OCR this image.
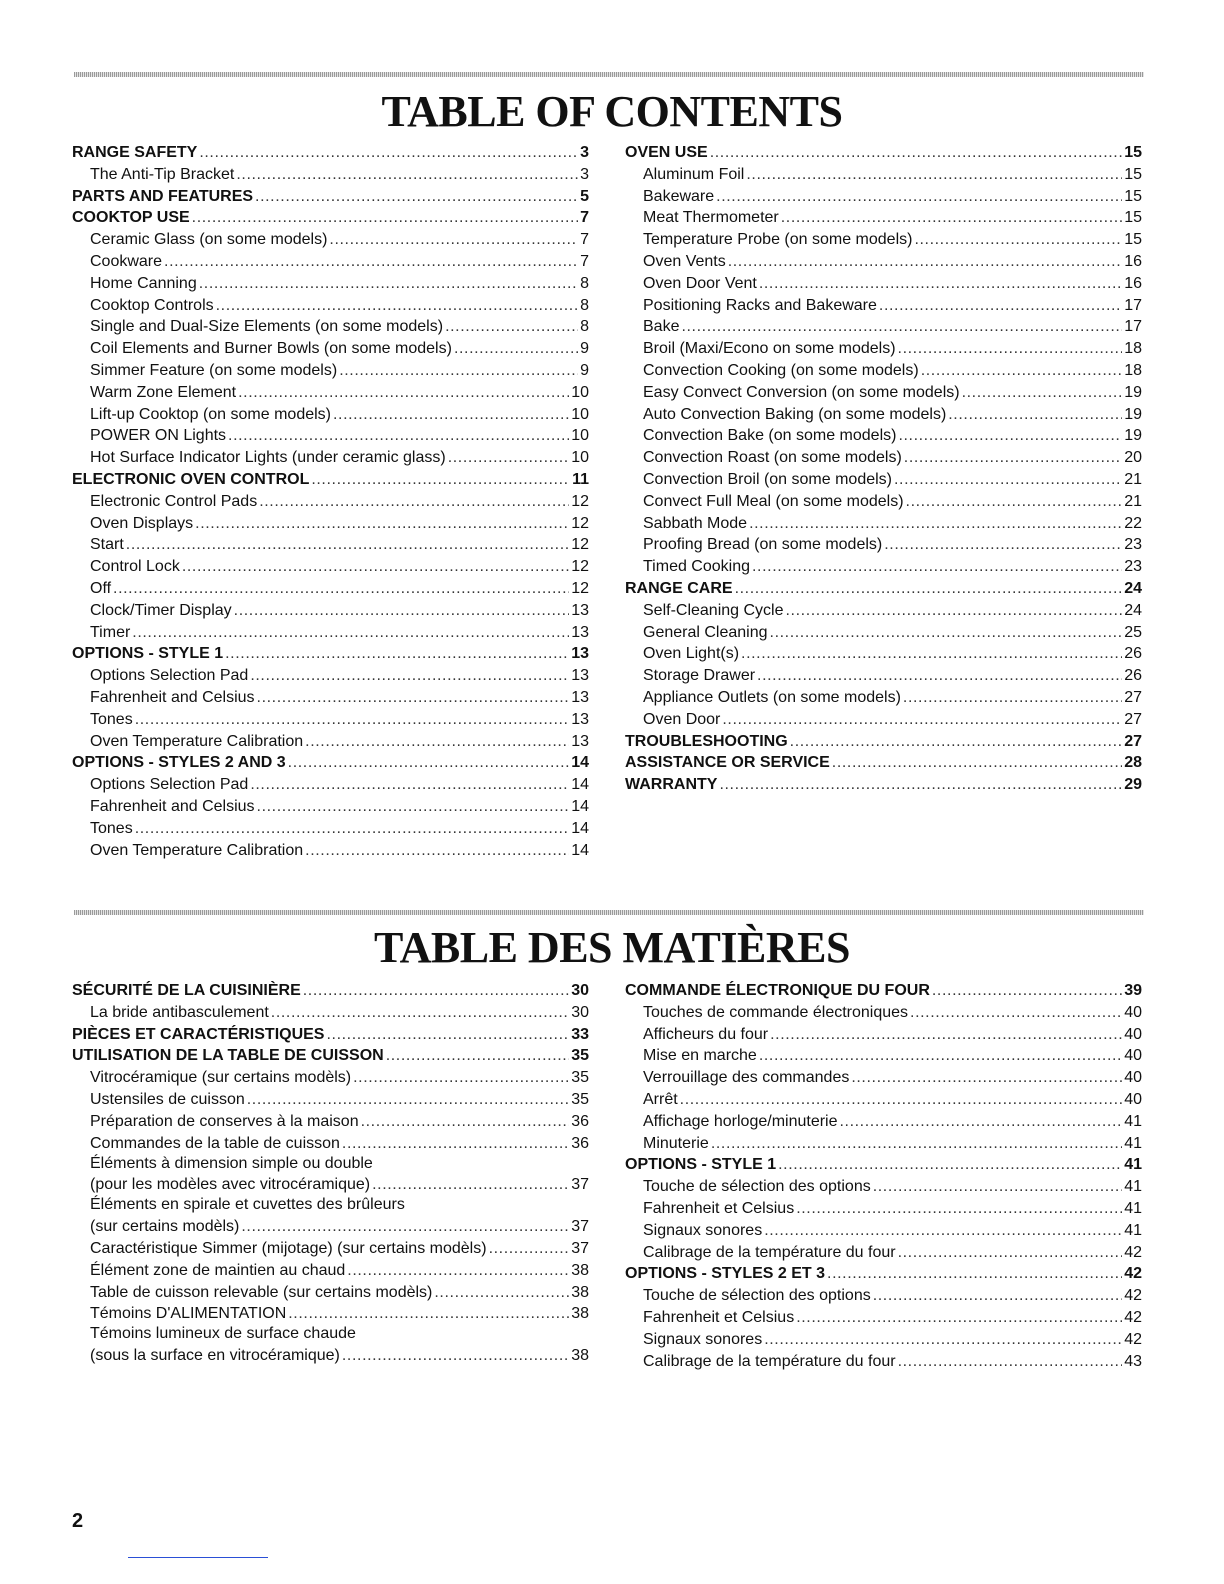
TABLE OF CONTENTS
RANGE SAFETY .....	3
The Anti-Tip Bracket .....	3
PARTS AND FEATURES .....	5
COOKTOP USE .....	7
Ceramic Glass (on some models) .....	7
Cookware .....	7
Home Canning .....	8
Cooktop Controls .....	8
Single and Dual-Size Elements (on some models) .....	8
Coil Elements and Burner Bowls (on some models) .....	9
Simmer Feature (on some models) .....	9
Warm Zone Element .....	10
Lift-up Cooktop (on some models) .....	10
POWER ON Lights .....	10
Hot Surface Indicator Lights (under ceramic glass) .....	10
ELECTRONIC OVEN CONTROL .....	11
Electronic Control Pads .....	12
Oven Displays .....	12
Start .....	12
Control Lock .....	12
Off .....	12
Clock/Timer Display .....	13
Timer .....	13
OPTIONS - STYLE 1 .....	13
Options Selection Pad .....	13
Fahrenheit and Celsius .....	13
Tones .....	13
Oven Temperature Calibration .....	13
OPTIONS - STYLES 2 AND 3 .....	14
Options Selection Pad .....	14
Fahrenheit and Celsius .....	14
Tones .....	14
Oven Temperature Calibration .....	14
OVEN USE .....	15
Aluminum Foil .....	15
Bakeware .....	15
Meat Thermometer .....	15
Temperature Probe (on some models) .....	15
Oven Vents .....	16
Oven Door Vent .....	16
Positioning Racks and Bakeware .....	17
Bake .....	17
Broil (Maxi/Econo on some models) .....	18
Convection Cooking (on some models) .....	18
Easy Convect Conversion (on some models) .....	19
Auto Convection Baking (on some models) .....	19
Convection Bake (on some models) .....	19
Convection Roast (on some models) .....	20
Convection Broil (on some models) .....	21
Convect Full Meal (on some models) .....	21
Sabbath Mode .....	22
Proofing Bread (on some models) .....	23
Timed Cooking .....	23
RANGE CARE .....	24
Self-Cleaning Cycle .....	24
General Cleaning .....	25
Oven Light(s) .....	26
Storage Drawer .....	26
Appliance Outlets (on some models) .....	27
Oven Door .....	27
TROUBLESHOOTING .....	27
ASSISTANCE OR SERVICE .....	28
WARRANTY .....	29
TABLE DES MATIÈRES
SÉCURITÉ DE LA CUISINIÈRE .....	30
La bride antibasculement .....	30
PIÈCES ET CARACTÉRISTIQUES .....	33
UTILISATION DE LA TABLE DE CUISSON .....	35
Vitrocéramique (sur certains modèls) .....	35
Ustensiles de cuisson .....	35
Préparation de conserves à la maison .....	36
Commandes de la table de cuisson .....	36
Éléments à dimension simple ou double
(pour les modèles avec vitrocéramique) .....	37
Éléments en spirale et cuvettes des brûleurs
(sur certains modèls) .....	37
Caractéristique Simmer (mijotage) (sur certains modèls) .....	37
Élément zone de maintien au chaud .....	38
Table de cuisson relevable (sur certains modèls) .....	38
Témoins D'ALIMENTATION .....	38
Témoins lumineux de surface chaude
(sous la surface en vitrocéramique) .....	38
COMMANDE ÉLECTRONIQUE DU FOUR .....	39
Touches de commande électroniques .....	40
Afficheurs du four .....	40
Mise en marche .....	40
Verrouillage des commandes .....	40
Arrêt .....	40
Affichage horloge/minuterie .....	41
Minuterie .....	41
OPTIONS - STYLE 1 .....	41
Touche de sélection des options .....	41
Fahrenheit et Celsius .....	41
Signaux sonores .....	41
Calibrage de la température du four .....	42
OPTIONS - STYLES 2 ET 3 .....	42
Touche de sélection des options .....	42
Fahrenheit et Celsius .....	42
Signaux sonores .....	42
Calibrage de la température du four .....	43
2
